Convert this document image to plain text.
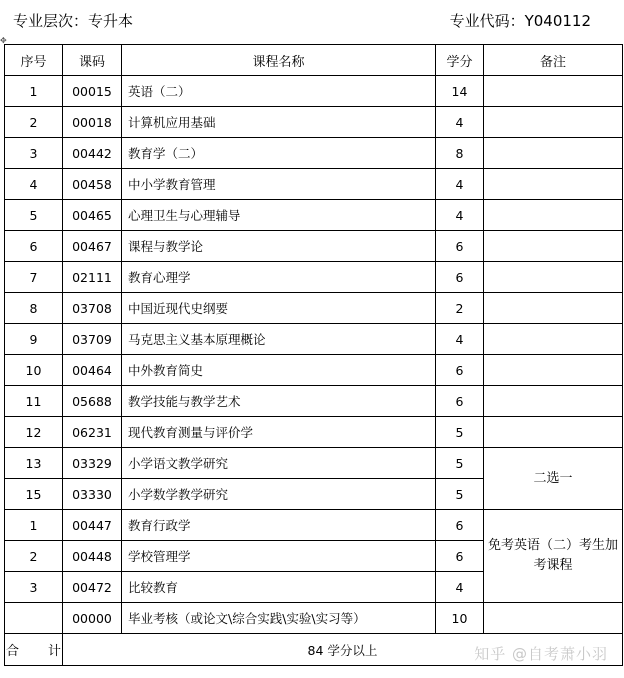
专业层次：专升本	专业代码：Y040112
✥
序号	课码	课程名称	学分	备注
1	00015	英语（二）	14	
2	00018	计算机应用基础	4	
3	00442	教育学（二）	8	
4	00458	中小学教育管理	4	
5	00465	心理卫生与心理辅导	4	
6	00467	课程与教学论	6	
7	02111	教育心理学	6	
8	03708	中国近现代史纲要	2	
9	03709	马克思主义基本原理概论	4	
10	00464	中外教育简史	6	
11	05688	教学技能与教学艺术	6	
12	06231	现代教育测量与评价学	5	
13	03329	小学语文教学研究	5	二选一
15	03330	小学数学教学研究	5	
1	00447	教育行政学	6	免考英语（二）考生加考课程
2	00448	学校管理学	6	
3	00472	比较教育	4	
	00000	毕业考核（或论文\综合实践\实验\实习等）	10	
合 计	84 学分以上				知乎 @自考萧小羽
